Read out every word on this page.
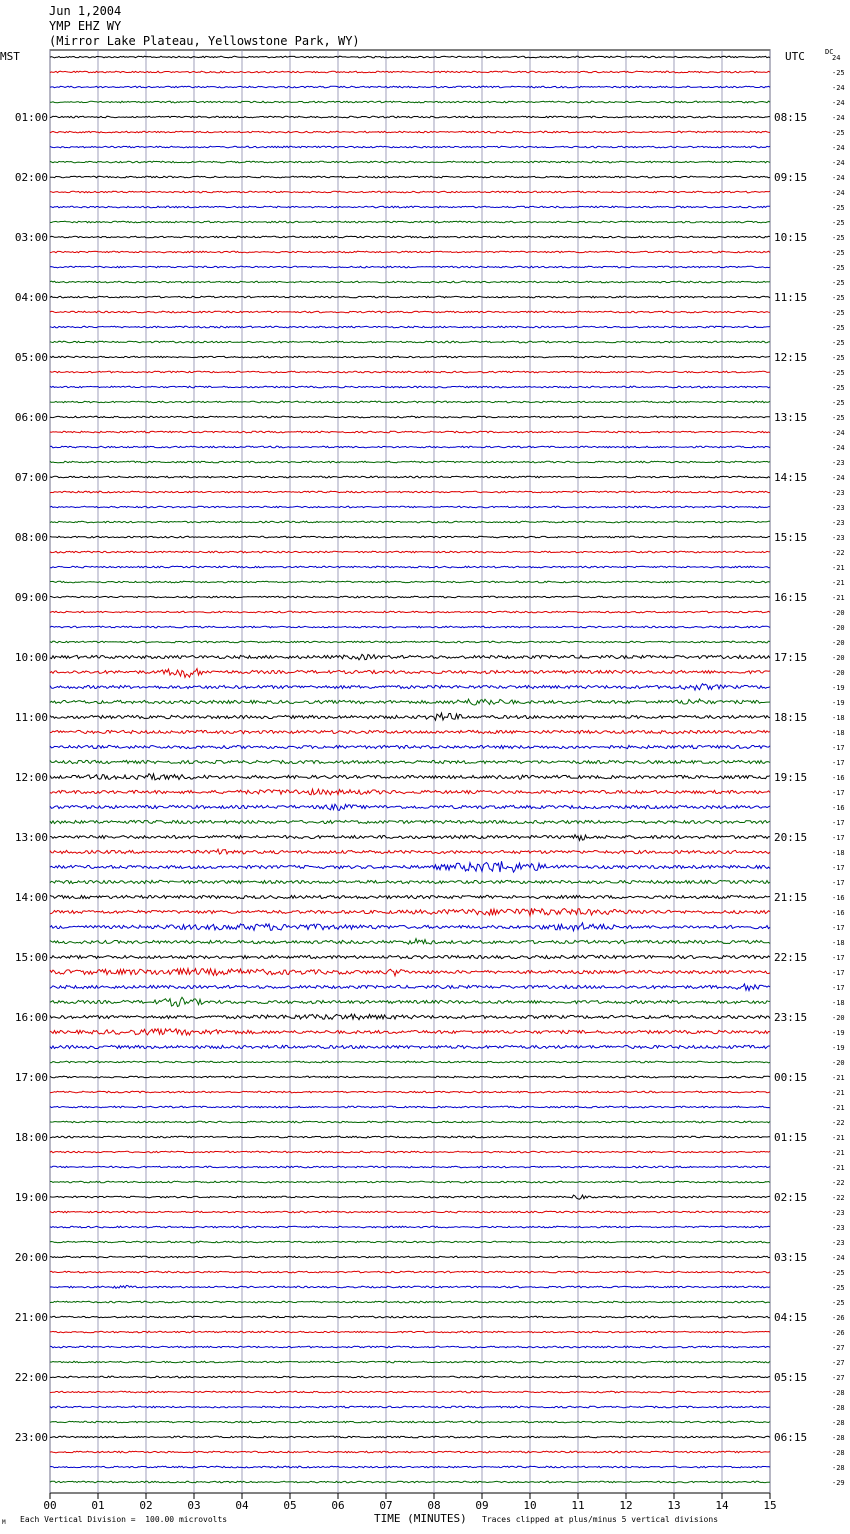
Jun 1,2004
YMP EHZ WY
(Mirror Lake Plateau, Yellowstone Park, WY)
MST	UTC	DC
00	01	02	03	04	05	06	07	08	09	10	11	12	13	14	15
24
-25
-24
-24
-24
-25
-24
-24
-24
-24
-25
-25
-25
-25
-25
-25
-25
-25
-25
-25
-25
-25
-25
-25
-25
-24
-24
-23
-24
-23
-23
-23
-23
-22
-21
-21
-21
-20
-20
-20
-20
-20
-19
-19
-18
-18
-17
-17
-16
-17
-16
-17
-17
-18
-17
-17
-16
-16
-17
-18
-17
-17
-17
-18
-20
-19
-19
-20
-21
-21
-21
-22
-21
-21
-21
-22
-22
-23
-23
-23
-24
-25
-25
-25
-26
-26
-27
-27
-27
-28
-28
-28
-28
-28
-28
-29
01:00
02:00
03:00
04:00
05:00
06:00
07:00
08:00
09:00
10:00
11:00
12:00
13:00
14:00
15:00
16:00
17:00
18:00
19:00
20:00
21:00
22:00
23:00
08:15
09:15
10:15
11:15
12:15
13:15
14:15
15:15
16:15
17:15
18:15
19:15
20:15
21:15
22:15
23:15
00:15
01:15
02:15
03:15
04:15
05:15
06:15
M Each Vertical Division =  100.00 microvolts	TIME (MINUTES) Traces clipped at plus/minus 5 vertical divisions
